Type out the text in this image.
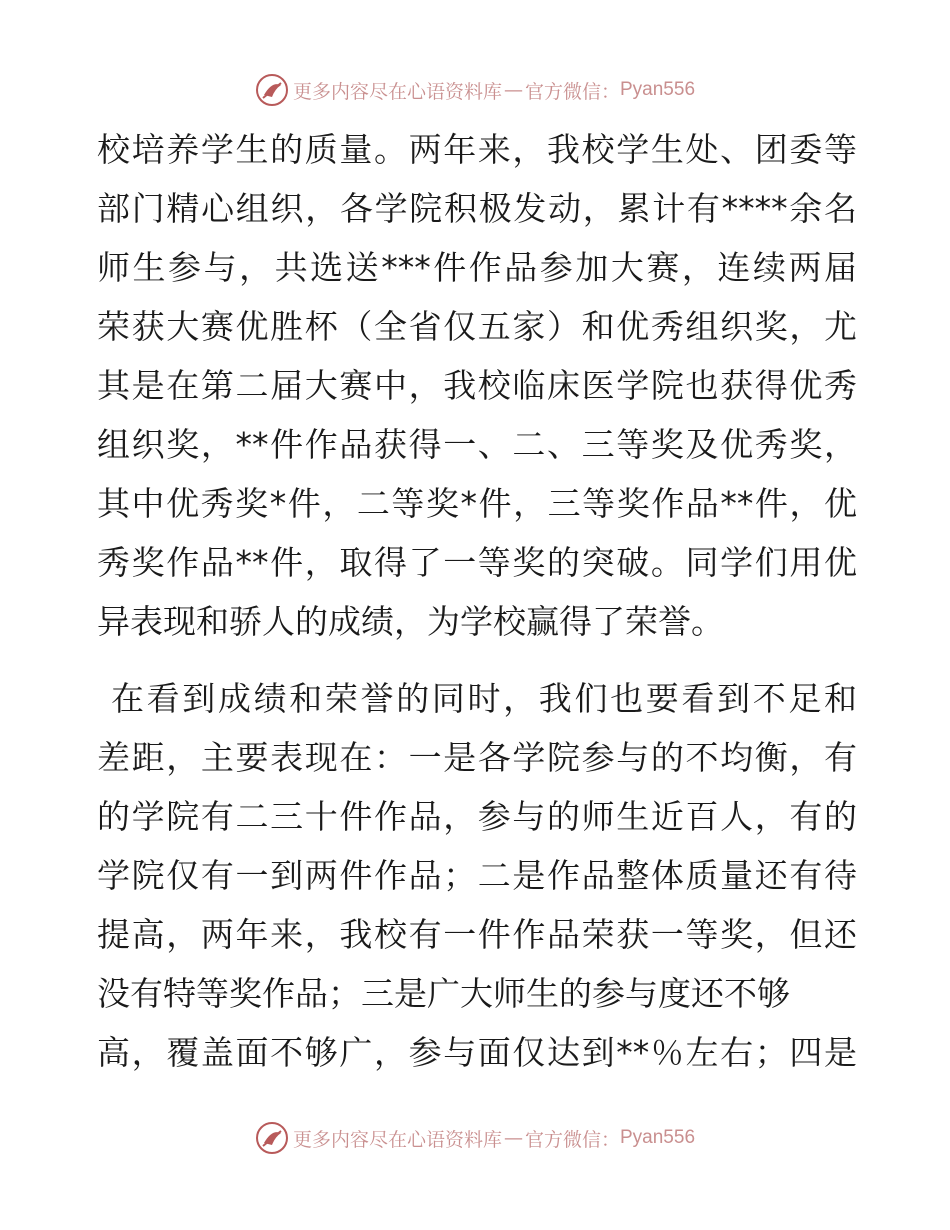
更多内容尽在心语资料库 — 官方微信： Pyan556
校培养学生的质量。两年来，我校学生处、团委等
部门精心组织，各学院积极发动，累计有****余名
师生参与，共选送***件作品参加大赛，连续两届
荣获大赛优胜杯（全省仅五家）和优秀组织奖，尤
其是在第二届大赛中，我校临床医学院也获得优秀
组织奖，**件作品获得一、二、三等奖及优秀奖，
其中优秀奖*件，二等奖*件，三等奖作品**件，优
秀奖作品**件，取得了一等奖的突破。同学们用优
异表现和骄人的成绩，为学校赢得了荣誉。
在看到成绩和荣誉的同时，我们也要看到不足和
差距，主要表现在：一是各学院参与的不均衡，有
的学院有二三十件作品，参与的师生近百人，有的
学院仅有一到两件作品；二是作品整体质量还有待
提高，两年来，我校有一件作品荣获一等奖，但还
没有特等奖作品；三是广大师生的参与度还不够
高，覆盖面不够广，参与面仅达到**％左右；四是
更多内容尽在心语资料库 — 官方微信： Pyan556
